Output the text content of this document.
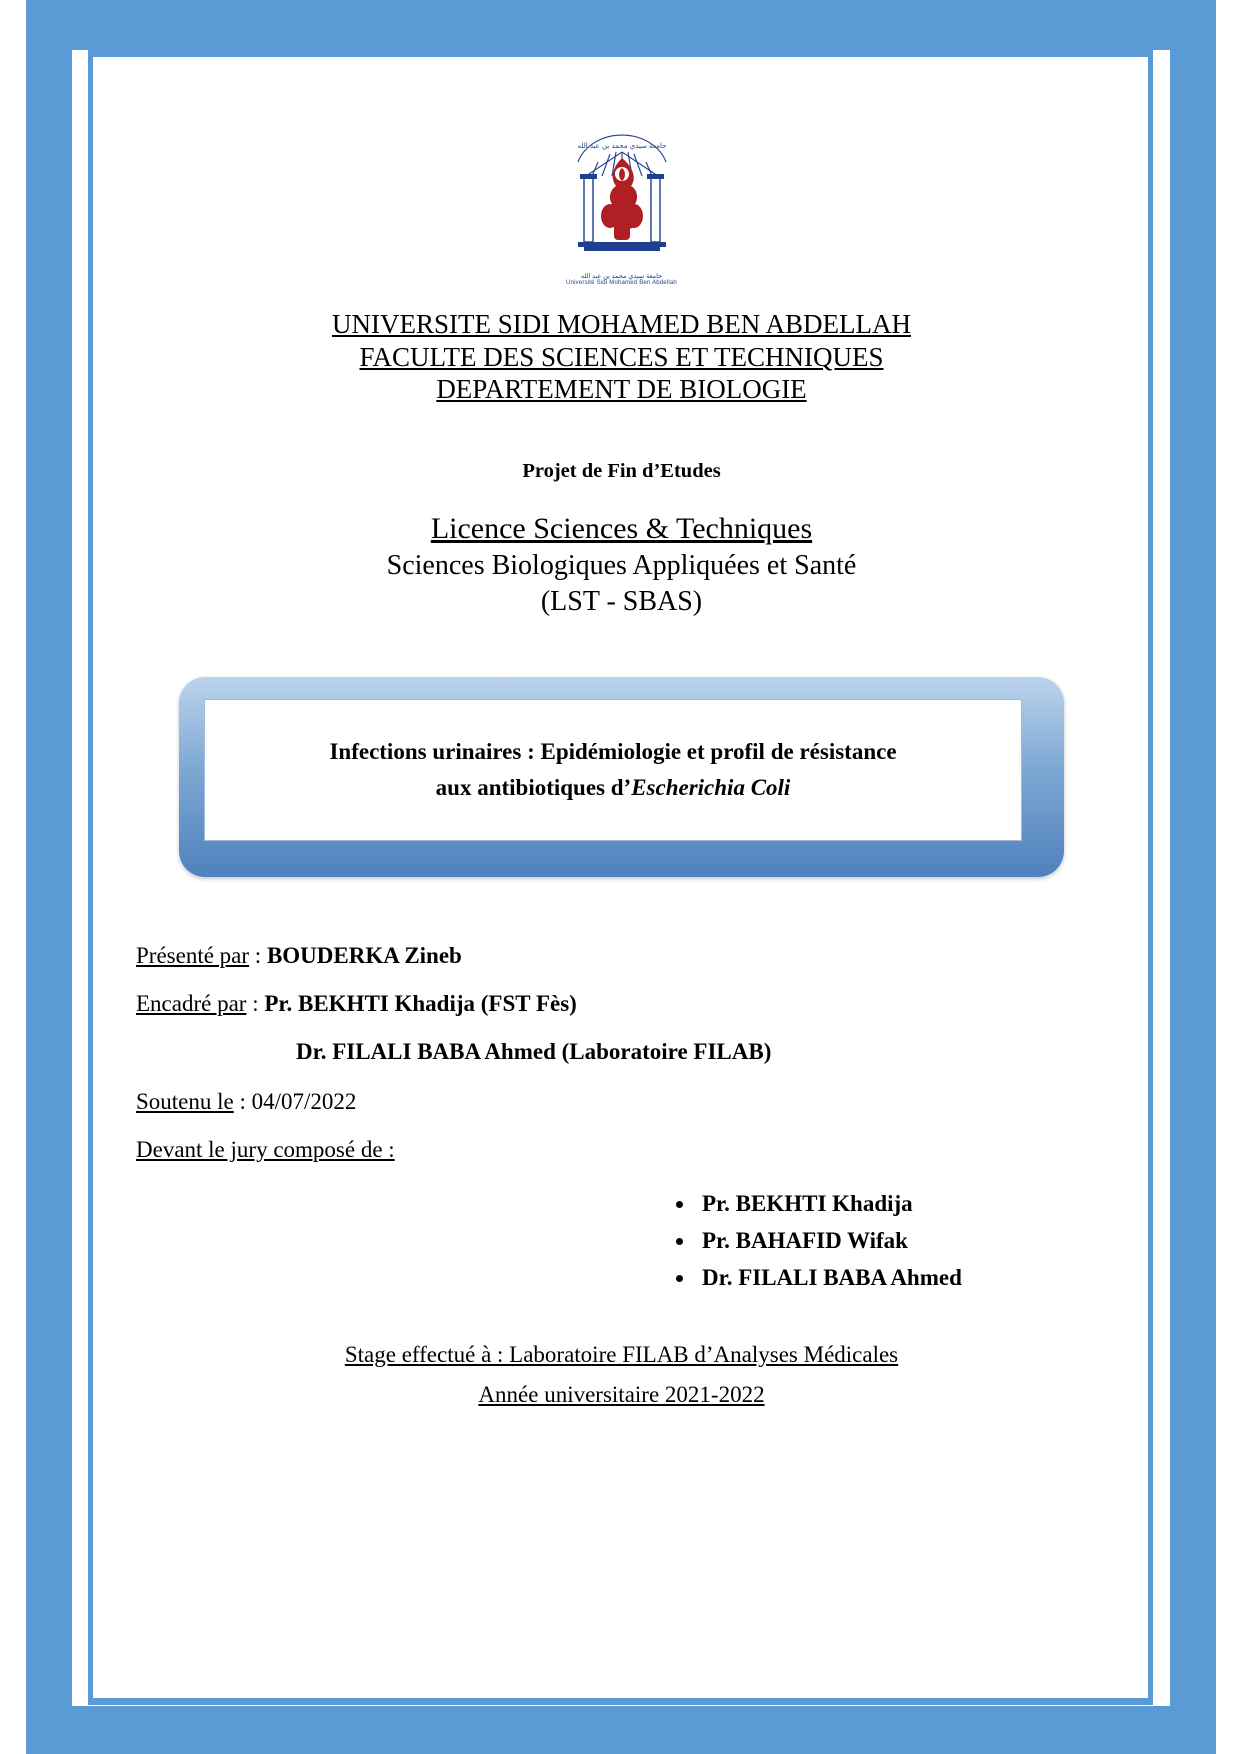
جامعة سيدي محمد بن عبد الله
جامعة سيدي محمد بن عبد الله
Université Sidi Mohamed Ben Abdellah
UNIVERSITE SIDI MOHAMED BEN ABDELLAH
FACULTE DES SCIENCES ET TECHNIQUES
DEPARTEMENT DE BIOLOGIE
Projet de Fin d’Etudes
Licence Sciences & Techniques
Sciences Biologiques Appliquées et Santé
(LST - SBAS)
Infections urinaires : Epidémiologie et profil de résistance
aux antibiotiques d’Escherichia Coli
Présenté par : BOUDERKA Zineb
Encadré par : Pr. BEKHTI Khadija (FST Fès)
Dr. FILALI BABA Ahmed (Laboratoire FILAB)
Soutenu le : 04/07/2022
Devant le jury composé de :
• Pr. BEKHTI Khadija
• Pr. BAHAFID Wifak
• Dr. FILALI BABA Ahmed
Stage effectué à : Laboratoire FILAB d’Analyses Médicales
Année universitaire 2021-2022
